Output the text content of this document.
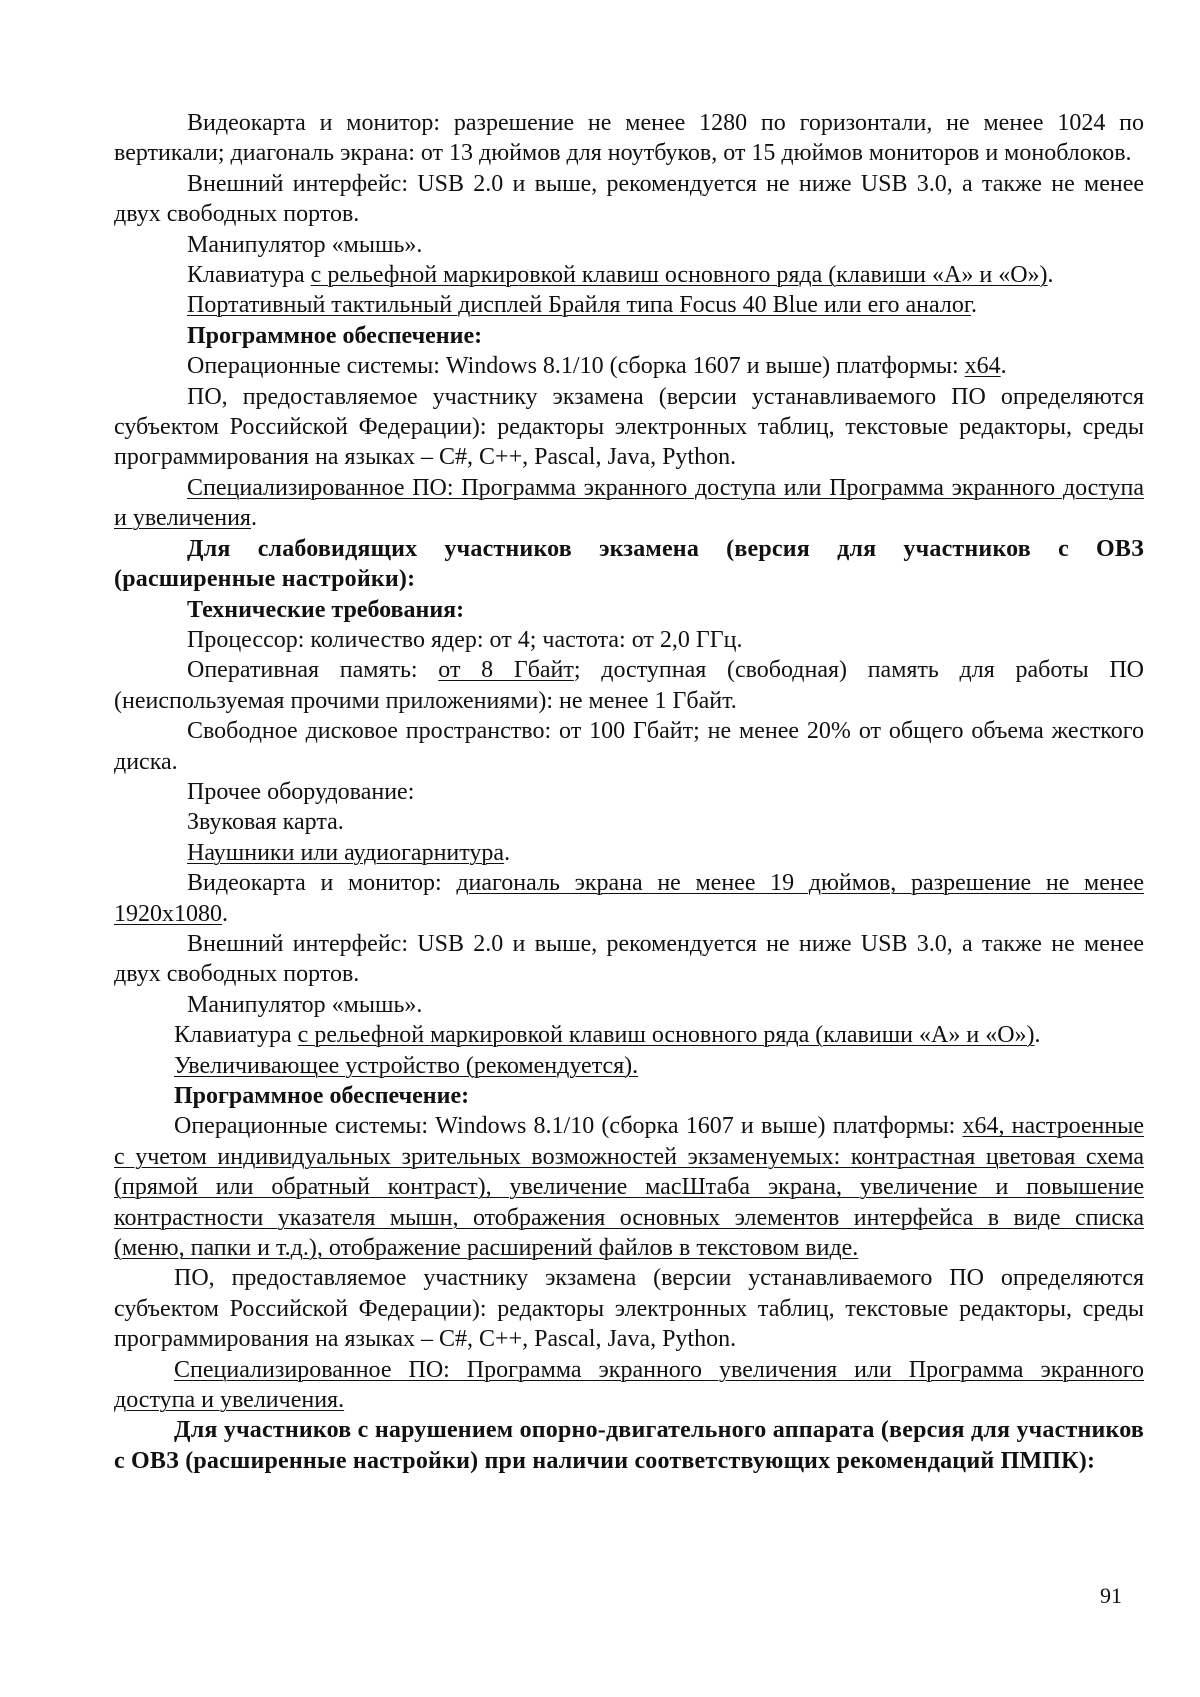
Видеокарта и монитор: разрешение не менее 1280 по горизонтали, не менее 1024 по вертикали; диагональ экрана: от 13 дюймов для ноутбуков, от 15 дюймов мониторов и моноблоков.

Внешний интерфейс: USB 2.0 и выше, рекомендуется не ниже USB 3.0, а также не менее двух свободных портов.

Манипулятор «мышь».

Клавиатура с рельефной маркировкой клавиш основного ряда (клавиши «А» и «О»).

Портативный тактильный дисплей Брайля типа Focus 40 Blue или его аналог.

Программное обеспечение:

Операционные системы: Windows 8.1/10 (сборка 1607 и выше) платформы: x64.

ПО, предоставляемое участнику экзамена (версии устанавливаемого ПО определяются субъектом Российской Федерации): редакторы электронных таблиц, текстовые редакторы, среды программирования на языках – C#, C++, Pascal, Java, Python.

Специализированное ПО: Программа экранного доступа или Программа экранного доступа и увеличения.

Для слабовидящих участников экзамена (версия для участников с ОВЗ (расширенные настройки):

Технические требования:

Процессор: количество ядер: от 4; частота: от 2,0 ГГц.

Оперативная память: от 8 Гбайт; доступная (свободная) память для работы ПО (неиспользуемая прочими приложениями): не менее 1 Гбайт.

Свободное дисковое пространство: от 100 Гбайт; не менее 20% от общего объема жесткого диска.

Прочее оборудование:

Звуковая карта.

Наушники или аудиогарнитура.

Видеокарта и монитор: диагональ экрана не менее 19 дюймов, разрешение не менее 1920x1080.

Внешний интерфейс: USB 2.0 и выше, рекомендуется не ниже USB 3.0, а также не менее двух свободных портов.

Манипулятор «мышь».

Клавиатура с рельефной маркировкой клавиш основного ряда (клавиши «А» и «О»).

Увеличивающее устройство (рекомендуется).

Программное обеспечение:

Операционные системы: Windows 8.1/10 (сборка 1607 и выше) платформы: x64, настроенные с учетом индивидуальных зрительных возможностей экзаменуемых: контрастная цветовая схема (прямой или обратный контраст), увеличение масШтаба экрана, увеличение и повышение контрастности указателя мышн, отображения основных элементов интерфейса в виде списка (меню, папки и т.д.), отображение расширений файлов в текстовом виде.

ПО, предоставляемое участнику экзамена (версии устанавливаемого ПО определяются субъектом Российской Федерации): редакторы электронных таблиц, текстовые редакторы, среды программирования на языках – C#, C++, Pascal, Java, Python.

Специализированное ПО: Программа экранного увеличения или Программа экранного доступа и увеличения.

Для участников с нарушением опорно-двигательного аппарата (версия для участников с ОВЗ (расширенные настройки) при наличии соответствующих рекомендаций ПМПК):

91
